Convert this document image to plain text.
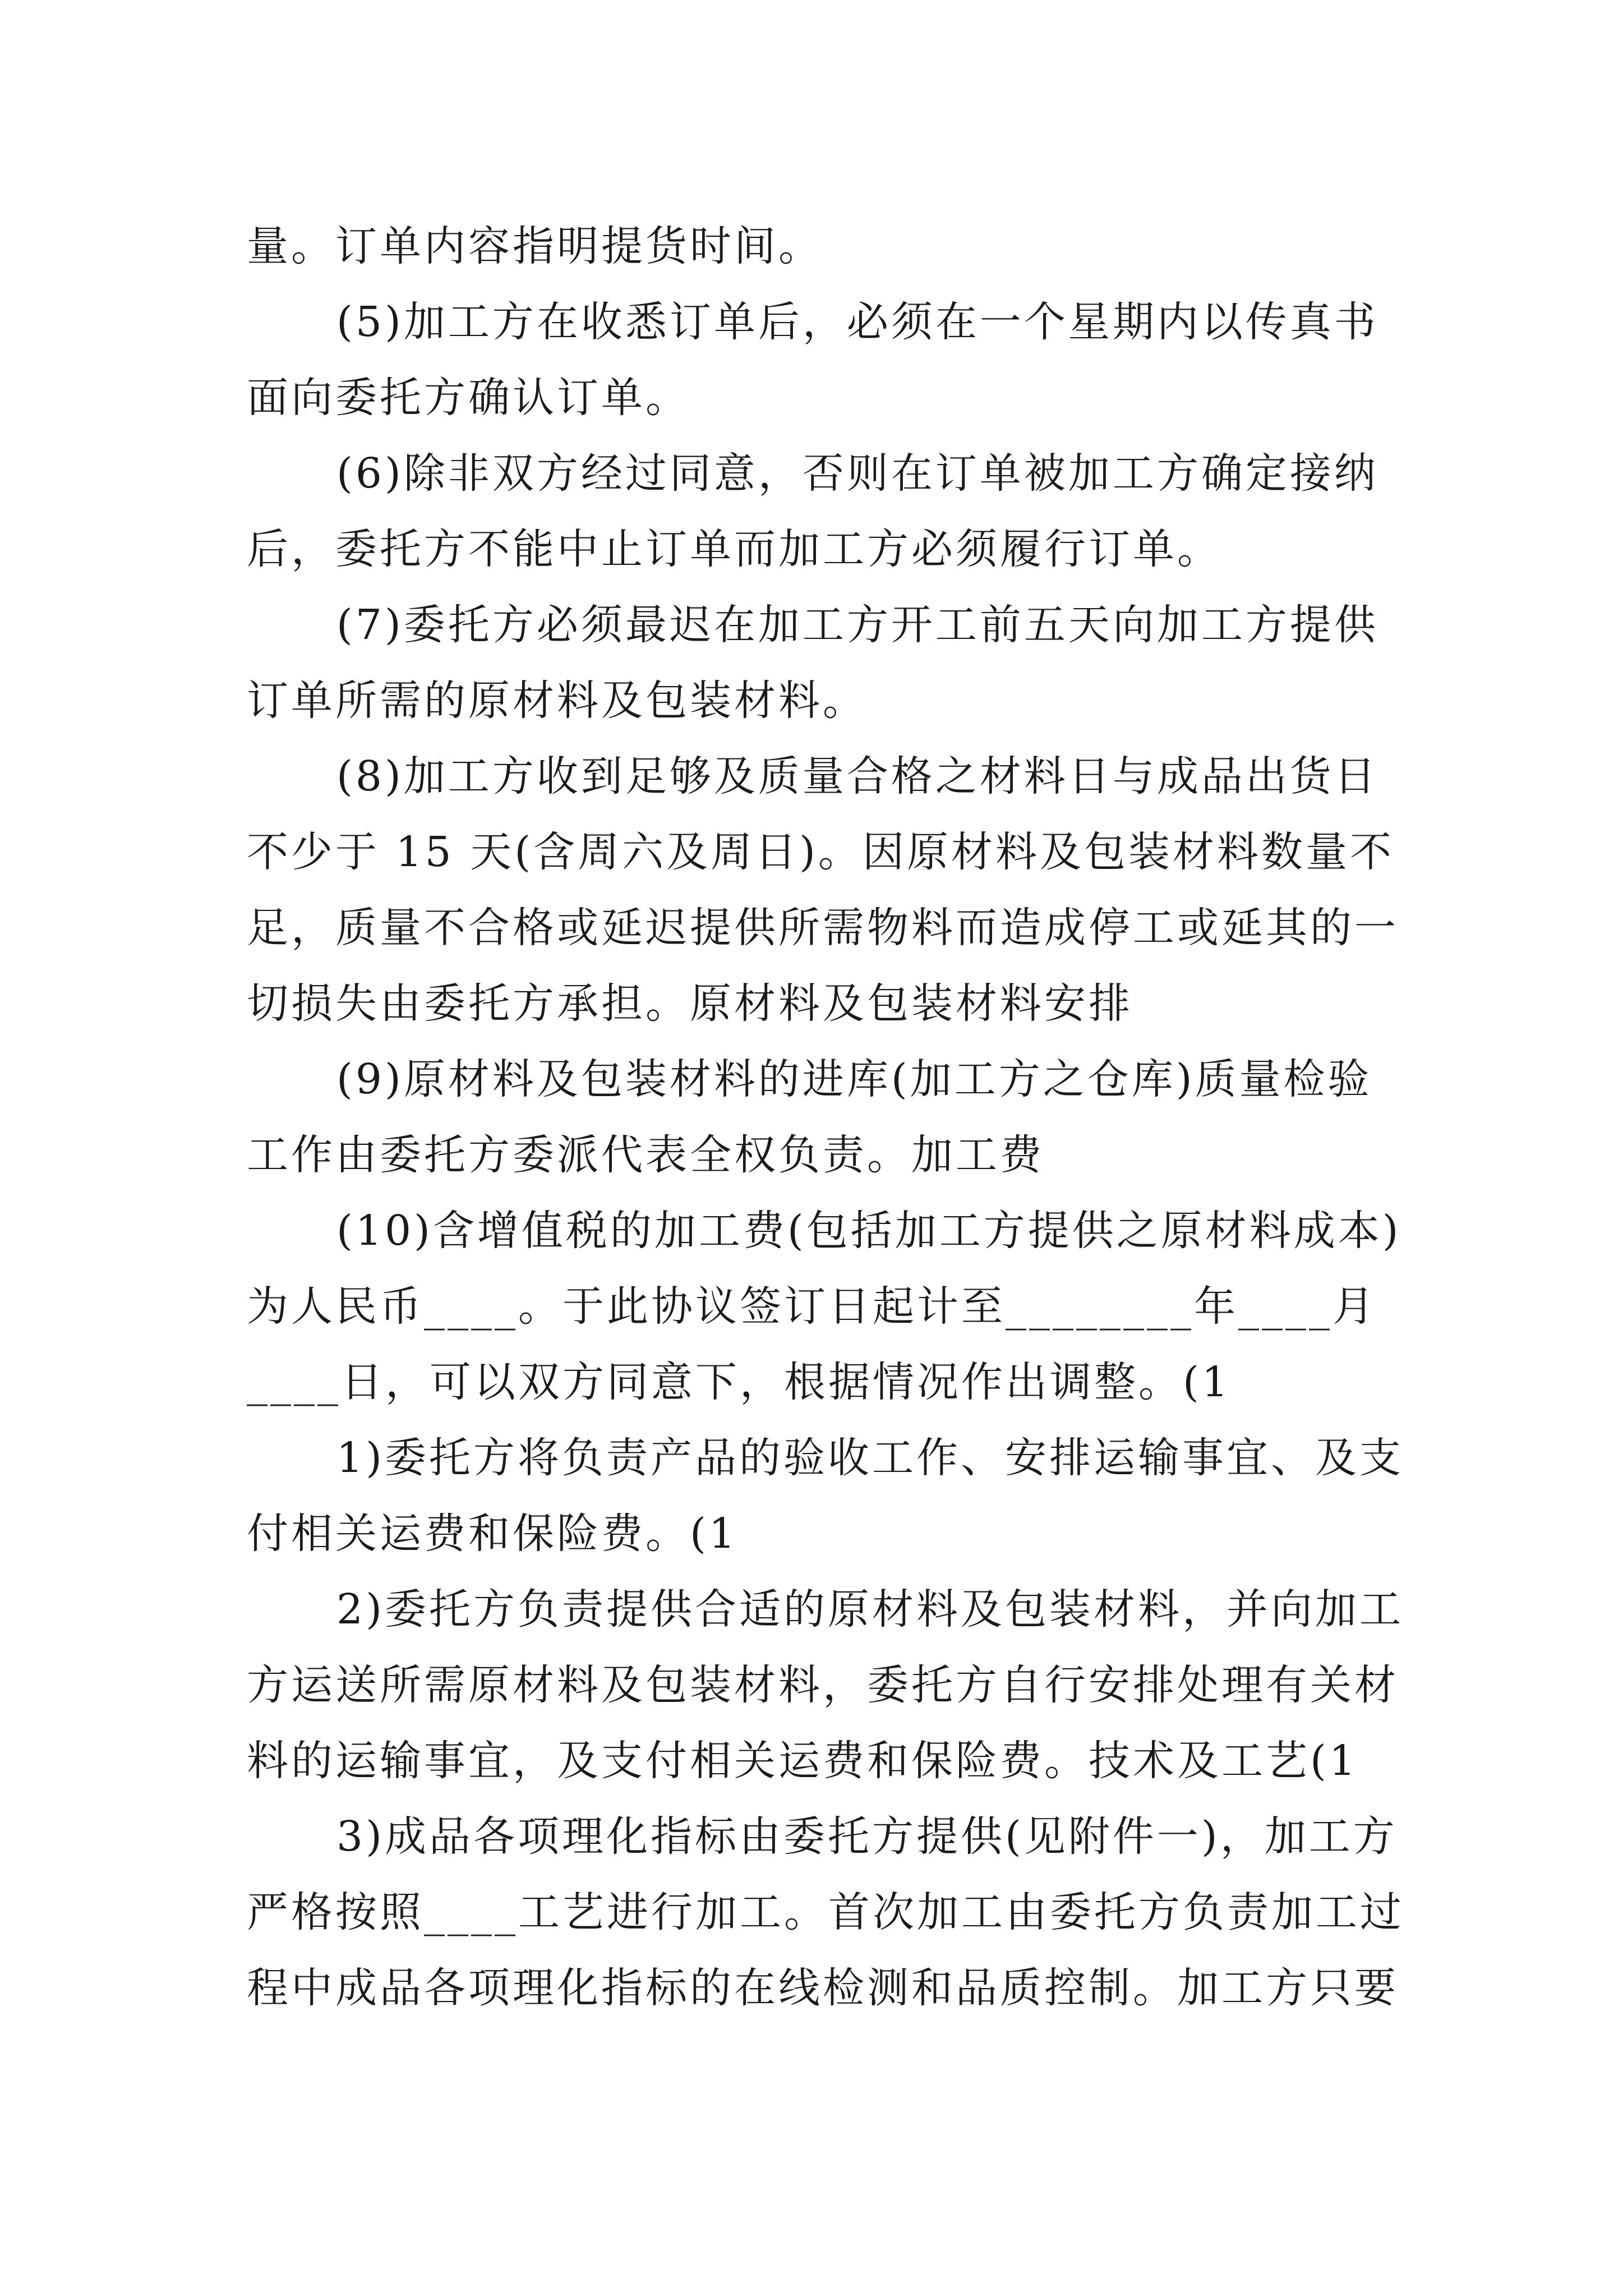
量。订单内容指明提货时间。
(5)加工方在收悉订单后，必须在一个星期内以传真书
面向委托方确认订单。
(6)除非双方经过同意，否则在订单被加工方确定接纳
后，委托方不能中止订单而加工方必须履行订单。
(7)委托方必须最迟在加工方开工前五天向加工方提供
订单所需的原材料及包装材料。
(8)加工方收到足够及质量合格之材料日与成品出货日
不少于 15 天(含周六及周日)。因原材料及包装材料数量不
足，质量不合格或延迟提供所需物料而造成停工或延其的一
切损失由委托方承担。原材料及包装材料安排
(9)原材料及包装材料的进库(加工方之仓库)质量检验
工作由委托方委派代表全权负责。加工费
(10)含增值税的加工费(包括加工方提供之原材料成本)
为人民币____。于此协议签订日起计至________年____月
____日，可以双方同意下，根据情况作出调整。(1
1)委托方将负责产品的验收工作、安排运输事宜、及支
付相关运费和保险费。(1
2)委托方负责提供合适的原材料及包装材料，并向加工
方运送所需原材料及包装材料，委托方自行安排处理有关材
料的运输事宜，及支付相关运费和保险费。技术及工艺(1
3)成品各项理化指标由委托方提供(见附件一)，加工方
严格按照____工艺进行加工。首次加工由委托方负责加工过
程中成品各项理化指标的在线检测和品质控制。加工方只要
